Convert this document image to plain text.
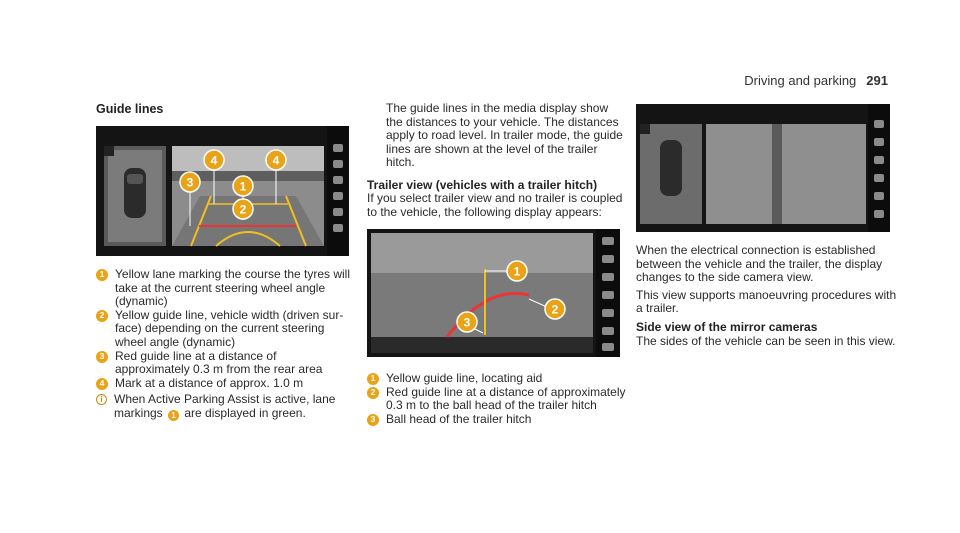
Driving and parking 291
Guide lines
4	4
3	1
2
1 Yellow lane marking the course the tyres will take at the current steering wheel angle (dynamic)
2 Yellow guide line, vehicle width (driven sur-face) depending on the current steering wheel angle (dynamic)
3 Red guide line at a distance of approximately 0.3 m from the rear area
4 Mark at a distance of approx. 1.0 m
i When Active Parking Assist is active, lane markings 1 are displayed in green.
The guide lines in the media display show the distances to your vehicle. The distances apply to road level. In trailer mode, the guide lines are shown at the level of the trailer hitch.
Trailer view (vehicles with a trailer hitch)
If you select trailer view and no trailer is coupled to the vehicle, the following display appears:
1
2
3
1 Yellow guide line, locating aid
2 Red guide line at a distance of approximately 0.3 m to the ball head of the trailer hitch
3 Ball head of the trailer hitch
When the electrical connection is established between the vehicle and the trailer, the display changes to the side camera view.
This view supports manoeuvring procedures with a trailer.
Side view of the mirror cameras
The sides of the vehicle can be seen in this view.
